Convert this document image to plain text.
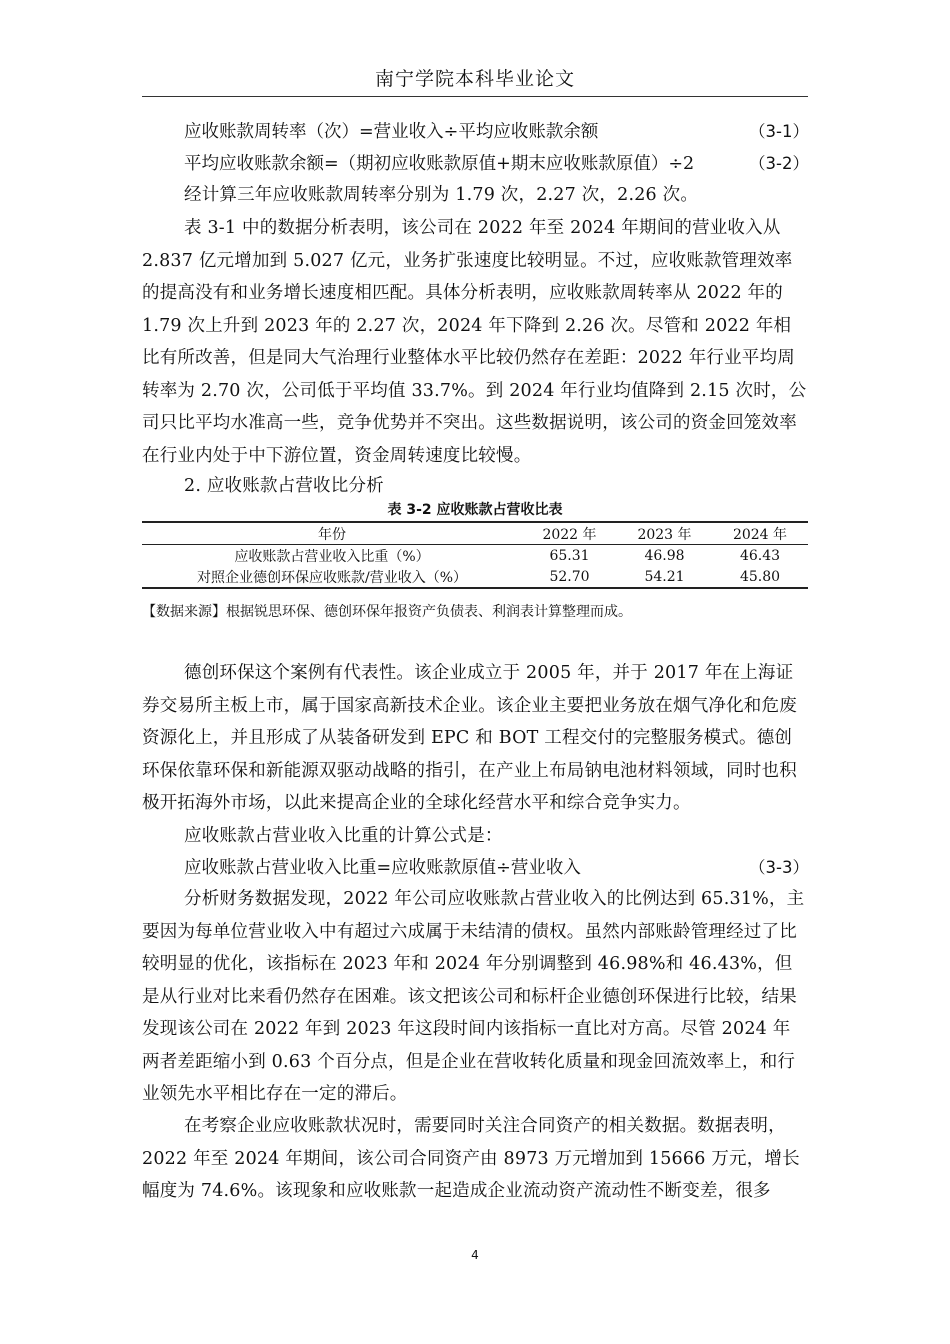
南宁学院本科毕业论文
应收账款周转率（次）=营业收入÷平均应收账款余额	（3-1）
平均应收账款余额=（期初应收账款原值+期末应收账款原值）÷2	（3-2）
经计算三年应收账款周转率分别为 1.79 次，2.27 次，2.26 次。
表 3-1 中的数据分析表明，该公司在 2022 年至 2024 年期间的营业收入从 2.837 亿元增加到 5.027 亿元，业务扩张速度比较明显。不过，应收账款管理效率的提高没有和业务增长速度相匹配。具体分析表明，应收账款周转率从 2022 年的 1.79 次上升到 2023 年的 2.27 次，2024 年下降到 2.26 次。尽管和 2022 年相比有所改善，但是同大气治理行业整体水平比较仍然存在差距：2022 年行业平均周转率为 2.70 次，公司低于平均值 33.7%。到 2024 年行业均值降到 2.15 次时，公司只比平均水准高一些，竞争优势并不突出。这些数据说明，该公司的资金回笼效率在行业内处于中下游位置，资金周转速度比较慢。
2. 应收账款占营收比分析
表 3-2 应收账款占营收比表
年份	2022 年	2023 年	2024 年
应收账款占营业收入比重（%）	65.31	46.98	46.43
对照企业德创环保应收账款/营业收入（%）	52.70	54.21	45.80
【数据来源】根据锐思环保、德创环保年报资产负债表、利润表计算整理而成。
德创环保这个案例有代表性。该企业成立于 2005 年，并于 2017 年在上海证券交易所主板上市，属于国家高新技术企业。该企业主要把业务放在烟气净化和危废资源化上，并且形成了从装备研发到 EPC 和 BOT 工程交付的完整服务模式。德创环保依靠环保和新能源双驱动战略的指引，在产业上布局钠电池材料领域，同时也积极开拓海外市场，以此来提高企业的全球化经营水平和综合竞争实力。
应收账款占营业收入比重的计算公式是：
应收账款占营业收入比重=应收账款原值÷营业收入	（3-3）
分析财务数据发现，2022 年公司应收账款占营业收入的比例达到 65.31%，主要因为每单位营业收入中有超过六成属于未结清的债权。虽然内部账龄管理经过了比较明显的优化，该指标在 2023 年和 2024 年分别调整到 46.98%和 46.43%，但是从行业对比来看仍然存在困难。该文把该公司和标杆企业德创环保进行比较，结果发现该公司在 2022 年到 2023 年这段时间内该指标一直比对方高。尽管 2024 年两者差距缩小到 0.63 个百分点，但是企业在营收转化质量和现金回流效率上，和行业领先水平相比存在一定的滞后。
在考察企业应收账款状况时，需要同时关注合同资产的相关数据。数据表明，2022 年至 2024 年期间，该公司合同资产由 8973 万元增加到 15666 万元，增长幅度为 74.6%。该现象和应收账款一起造成企业流动资产流动性不断变差，很多
4
